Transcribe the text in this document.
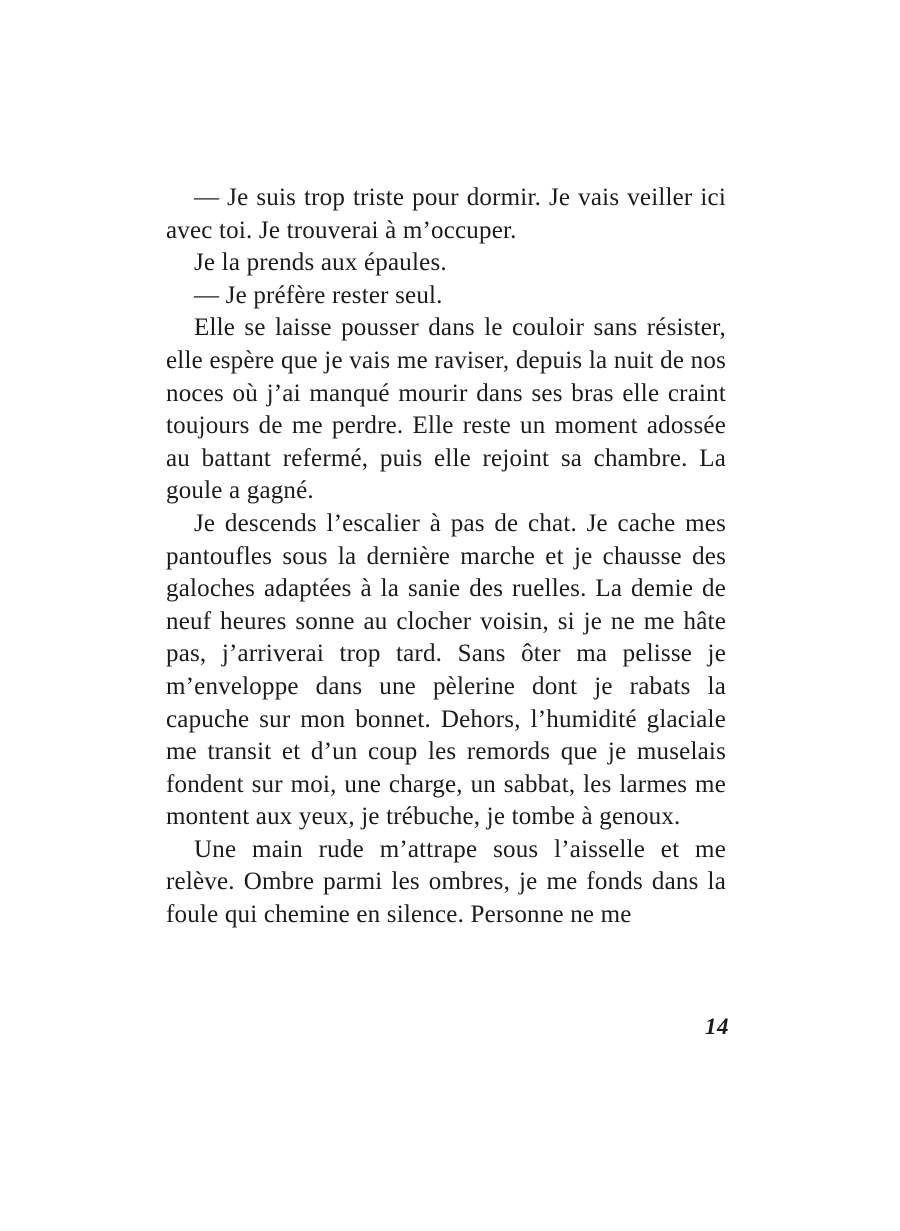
— Je suis trop triste pour dormir. Je vais veiller ici avec toi. Je trouverai à m’occuper.

Je la prends aux épaules.

— Je préfère rester seul.

Elle se laisse pousser dans le couloir sans résister, elle espère que je vais me raviser, depuis la nuit de nos noces où j’ai manqué mourir dans ses bras elle craint toujours de me perdre. Elle reste un moment adossée au battant refermé, puis elle rejoint sa chambre. La goule a gagné.

Je descends l’escalier à pas de chat. Je cache mes pantoufles sous la dernière marche et je chausse des galoches adaptées à la sanie des ruelles. La demie de neuf heures sonne au clocher voisin, si je ne me hâte pas, j’arriverai trop tard. Sans ôter ma pelisse je m’enveloppe dans une pèlerine dont je rabats la capuche sur mon bonnet. Dehors, l’humidité glaciale me transit et d’un coup les remords que je muselais fondent sur moi, une charge, un sabbat, les larmes me montent aux yeux, je trébuche, je tombe à genoux.

Une main rude m’attrape sous l’aisselle et me relève. Ombre parmi les ombres, je me fonds dans la foule qui chemine en silence. Personne ne me

14
